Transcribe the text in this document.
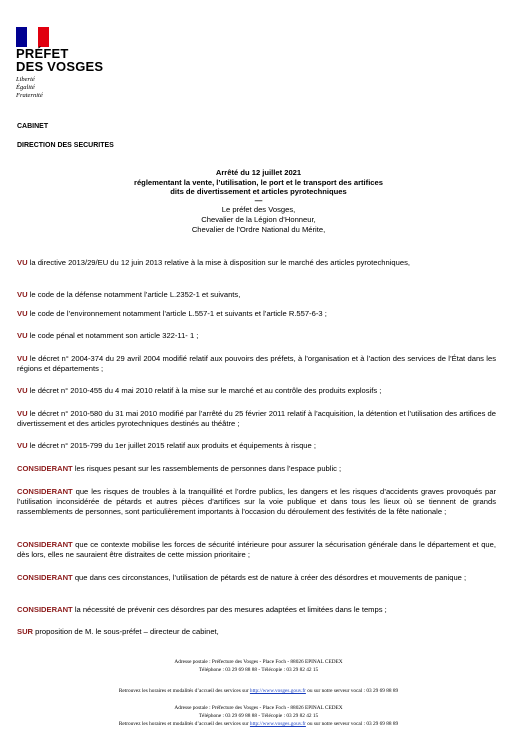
PRÉFET
DES VOSGES
Liberté
Égalité
Fraternité
CABINET
DIRECTION DES SECURITES
Arrêté du 12 juillet 2021
réglementant la vente, l’utilisation, le port et le transport des artifices
dits de divertissement et articles pyrotechniques
—
Le préfet des Vosges,
Chevalier de la Légion d’Honneur,
Chevalier de l’Ordre National du Mérite,
VU la directive 2013/29/EU du 12 juin 2013 relative à la mise à disposition sur le marché des articles pyrotechniques,
VU le code de la défense notamment l’article L.2352-1 et suivants,
VU le code de l’environnement notamment l’article L.557-1 et suivants et l’article R.557-6-3 ;
VU le code pénal et notamment son article 322-11- 1 ;
VU le décret n° 2004-374 du 29 avril 2004 modifié relatif aux pouvoirs des préfets, à l’organisation et à l’action des services de l’État dans les régions et départements ;
VU le décret n° 2010-455 du 4 mai 2010 relatif à la mise sur le marché et au contrôle des produits explosifs ;
VU le décret n° 2010-580 du 31 mai 2010 modifié par l’arrêté du 25 février 2011 relatif à l’acquisition, la détention et l’utilisation des artifices de divertissement et des articles pyrotechniques destinés au théâtre ;
VU le décret n° 2015-799 du 1er juillet 2015 relatif aux produits et équipements à risque ;
CONSIDERANT les risques pesant sur les rassemblements de personnes dans l’espace public ;
CONSIDERANT que les risques de troubles à la tranquillité et l’ordre publics, les dangers et les risques d’accidents graves provoqués par l’utilisation inconsidérée de pétards et autres pièces d’artifices sur la voie publique et dans tous les lieux où se tiennent de grands rassemblements de personnes, sont particulièrement importants à l’occasion du déroulement des festivités de la fête nationale ;
CONSIDERANT que ce contexte mobilise les forces de sécurité intérieure pour assurer la sécurisation générale dans le département et que, dès lors, elles ne sauraient être distraites de cette mission prioritaire ;
CONSIDERANT que dans ces circonstances, l’utilisation de pétards est de nature à créer des désordres et mouvements de panique ;
CONSIDERANT la nécessité de prévenir ces désordres par des mesures adaptées et limitées dans le temps ;
SUR proposition de M. le sous-préfet – directeur de cabinet,
Adresse postale : Préfecture des Vosges - Place Foch - 88026 EPINAL CEDEX
Téléphone : 03 29 69 88 88 - Télécopie : 03 29 82 42 15
Retrouvez les horaires et modalités d’accueil des services sur http://www.vosges.gouv.fr ou sur notre serveur vocal : 03 29 69 88 89
Adresse postale : Préfecture des Vosges - Place Foch - 88026 EPINAL CEDEX
Téléphone : 03 29 69 88 88 - Télécopie : 03 29 82 42 15
Retrouvez les horaires et modalités d’accueil des services sur http://www.vosges.gouv.fr ou sur notre serveur vocal : 03 29 69 88 89
